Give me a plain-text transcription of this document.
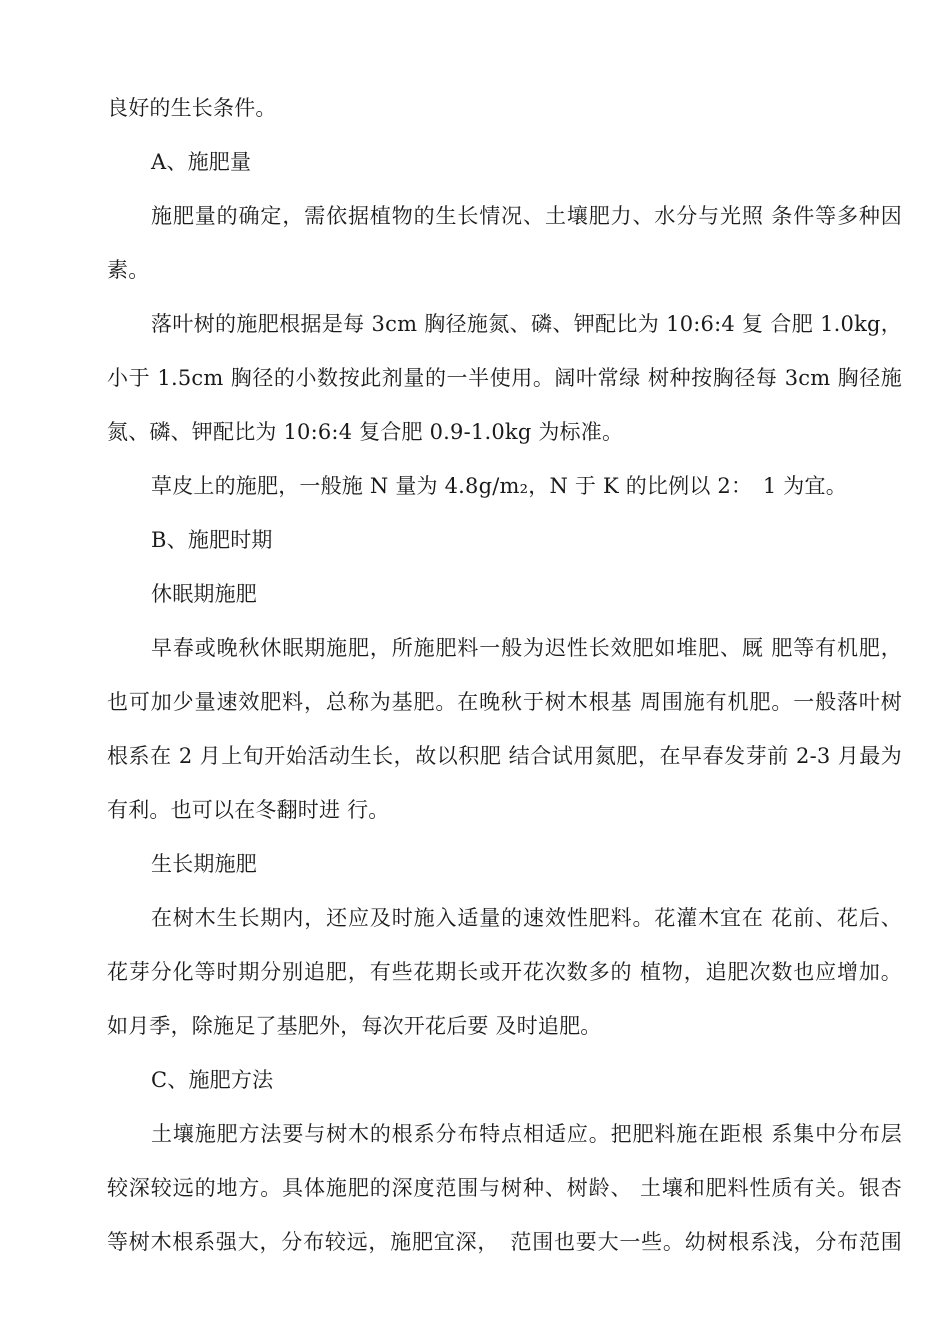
良好的生长条件。
A、施肥量
施肥量的确定，需依据植物的生长情况、土壤肥力、水分与光照 条件等多种因
素。
落叶树的施肥根据是每 3cm 胸径施氮、磷、钾配比为 10:6:4 复 合肥 1.0kg，
小于 1.5cm 胸径的小数按此剂量的一半使用。阔叶常绿 树种按胸径每 3cm 胸径施
氮、磷、钾配比为 10:6:4 复合肥 0.9-1.0kg 为标准。
草皮上的施肥，一般施 N 量为 4.8g/m₂，N 于 K 的比例以 2：　1 为宜。
B、施肥时期
休眠期施肥
早春或晚秋休眠期施肥，所施肥料一般为迟性长效肥如堆肥、厩 肥等有机肥，
也可加少量速效肥料，总称为基肥。在晚秋于树木根基 周围施有机肥。一般落叶树
根系在 2 月上旬开始活动生长，故以积肥 结合试用氮肥，在早春发芽前 2-3 月最为
有利。也可以在冬翻时进 行。
生长期施肥
在树木生长期内，还应及时施入适量的速效性肥料。花灌木宜在 花前、花后、
花芽分化等时期分别追肥，有些花期长或开花次数多的 植物，追肥次数也应增加。
如月季，除施足了基肥外，每次开花后要 及时追肥。
C、施肥方法
土壤施肥方法要与树木的根系分布特点相适应。把肥料施在距根 系集中分布层
较深较远的地方。具体施肥的深度范围与树种、树龄、 土壤和肥料性质有关。银杏
等树木根系强大，分布较远，施肥宜深，　范围也要大一些。幼树根系浅，分布范围
